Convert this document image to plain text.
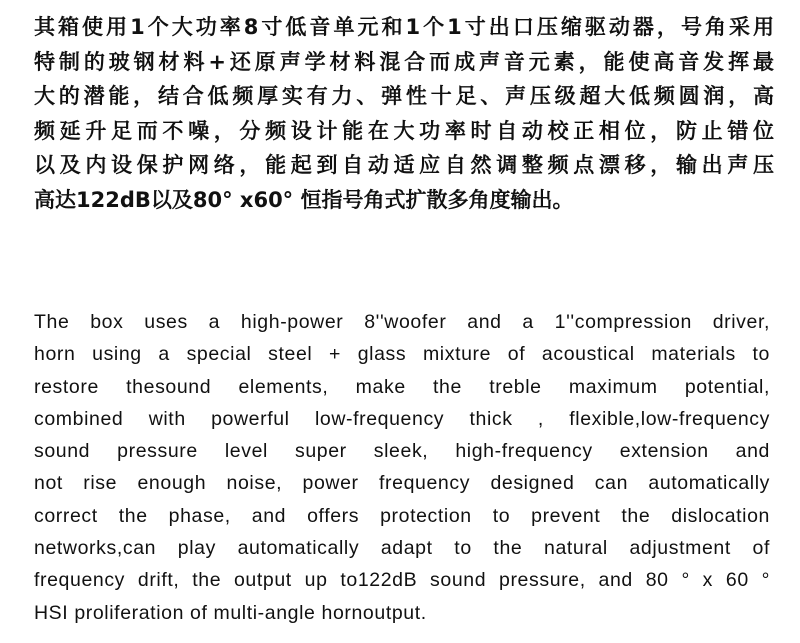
其箱使用1个大功率8寸低音单元和1个1寸出口压缩驱动器，号角采用
特制的玻钢材料+还原声学材料混合而成声音元素，能使高音发挥最
大的潜能，结合低频厚实有力、弹性十足、声压级超大低频圆润，高
频延升足而不噪，分频设计能在大功率时自动校正相位，防止错位
以及内设保护网络，能起到自动适应自然调整频点漂移，输出声压
高达122dB以及80° x60° 恒指号角式扩散多角度输出。
The box uses a high-power 8''woofer and a 1''compression driver,
horn using a special steel + glass mixture of acoustical materials to
restore thesound elements, make the treble maximum potential,
combined with powerful low-frequency thick , flexible,low-frequency
sound pressure level super sleek, high-frequency extension and
not rise enough noise, power frequency designed can automatically
correct the phase, and offers protection to prevent the dislocation
networks,can play automatically adapt to the natural adjustment of
frequency drift, the output up to122dB sound pressure, and 80 ° x 60 °
HSI proliferation of multi-angle hornoutput.
